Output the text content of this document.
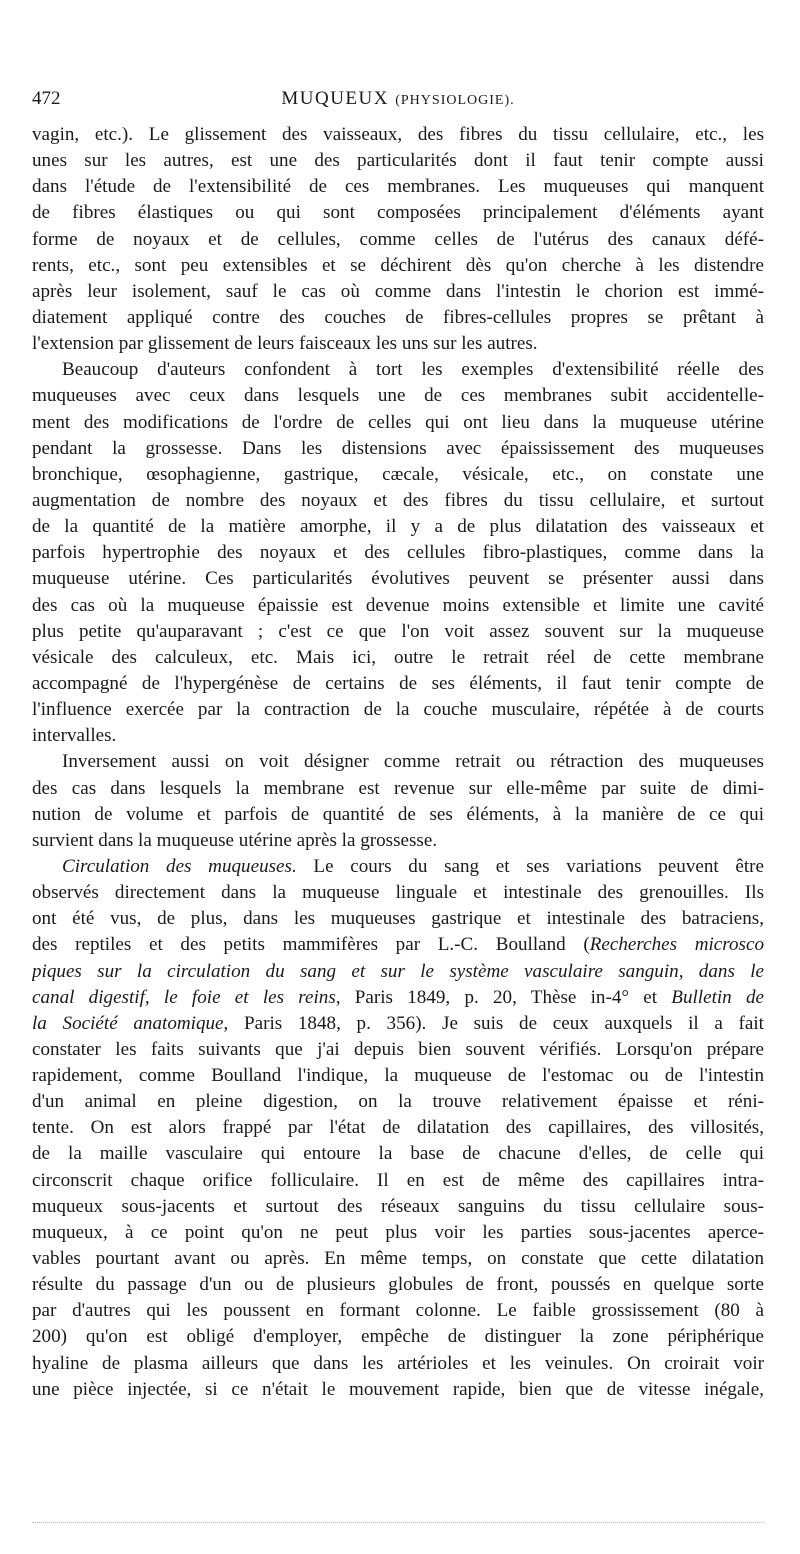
472	MUQUEUX (PHYSIOLOGIE).
vagin, etc.). Le glissement des vaisseaux, des fibres du tissu cellulaire, etc., les
unes sur les autres, est une des particularités dont il faut tenir compte aussi
dans l'étude de l'extensibilité de ces membranes. Les muqueuses qui manquent
de fibres élastiques ou qui sont composées principalement d'éléments ayant
forme de noyaux et de cellules, comme celles de l'utérus des canaux défé-
rents, etc., sont peu extensibles et se déchirent dès qu'on cherche à les distendre
après leur isolement, sauf le cas où comme dans l'intestin le chorion est immé-
diatement appliqué contre des couches de fibres-cellules propres se prêtant à
l'extension par glissement de leurs faisceaux les uns sur les autres.
Beaucoup d'auteurs confondent à tort les exemples d'extensibilité réelle des
muqueuses avec ceux dans lesquels une de ces membranes subit accidentelle-
ment des modifications de l'ordre de celles qui ont lieu dans la muqueuse utérine
pendant la grossesse. Dans les distensions avec épaississement des muqueuses
bronchique, œsophagienne, gastrique, cæcale, vésicale, etc., on constate une
augmentation de nombre des noyaux et des fibres du tissu cellulaire, et surtout
de la quantité de la matière amorphe, il y a de plus dilatation des vaisseaux et
parfois hypertrophie des noyaux et des cellules fibro-plastiques, comme dans la
muqueuse utérine. Ces particularités évolutives peuvent se présenter aussi dans
des cas où la muqueuse épaissie est devenue moins extensible et limite une cavité
plus petite qu'auparavant ; c'est ce que l'on voit assez souvent sur la muqueuse
vésicale des calculeux, etc. Mais ici, outre le retrait réel de cette membrane
accompagné de l'hypergénèse de certains de ses éléments, il faut tenir compte de
l'influence exercée par la contraction de la couche musculaire, répétée à de courts
intervalles.
Inversement aussi on voit désigner comme retrait ou rétraction des muqueuses
des cas dans lesquels la membrane est revenue sur elle-même par suite de dimi-
nution de volume et parfois de quantité de ses éléments, à la manière de ce qui
survient dans la muqueuse utérine après la grossesse.
Circulation des muqueuses. Le cours du sang et ses variations peuvent être
observés directement dans la muqueuse linguale et intestinale des grenouilles. Ils
ont été vus, de plus, dans les muqueuses gastrique et intestinale des batraciens,
des reptiles et des petits mammifères par L.-C. Boulland (Recherches microsco
piques sur la circulation du sang et sur le système vasculaire sanguin, dans le
canal digestif, le foie et les reins, Paris 1849, p. 20, Thèse in-4° et Bulletin de
la Société anatomique, Paris 1848, p. 356). Je suis de ceux auxquels il a fait
constater les faits suivants que j'ai depuis bien souvent vérifiés. Lorsqu'on prépare
rapidement, comme Boulland l'indique, la muqueuse de l'estomac ou de l'intestin
d'un animal en pleine digestion, on la trouve relativement épaisse et réni-
tente. On est alors frappé par l'état de dilatation des capillaires, des villosités,
de la maille vasculaire qui entoure la base de chacune d'elles, de celle qui
circonscrit chaque orifice folliculaire. Il en est de même des capillaires intra-
muqueux sous-jacents et surtout des réseaux sanguins du tissu cellulaire sous-
muqueux, à ce point qu'on ne peut plus voir les parties sous-jacentes aperce-
vables pourtant avant ou après. En même temps, on constate que cette dilatation
résulte du passage d'un ou de plusieurs globules de front, poussés en quelque sorte
par d'autres qui les poussent en formant colonne. Le faible grossissement (80 à
200) qu'on est obligé d'employer, empêche de distinguer la zone périphérique
hyaline de plasma ailleurs que dans les artérioles et les veinules. On croirait voir
une pièce injectée, si ce n'était le mouvement rapide, bien que de vitesse inégale,
